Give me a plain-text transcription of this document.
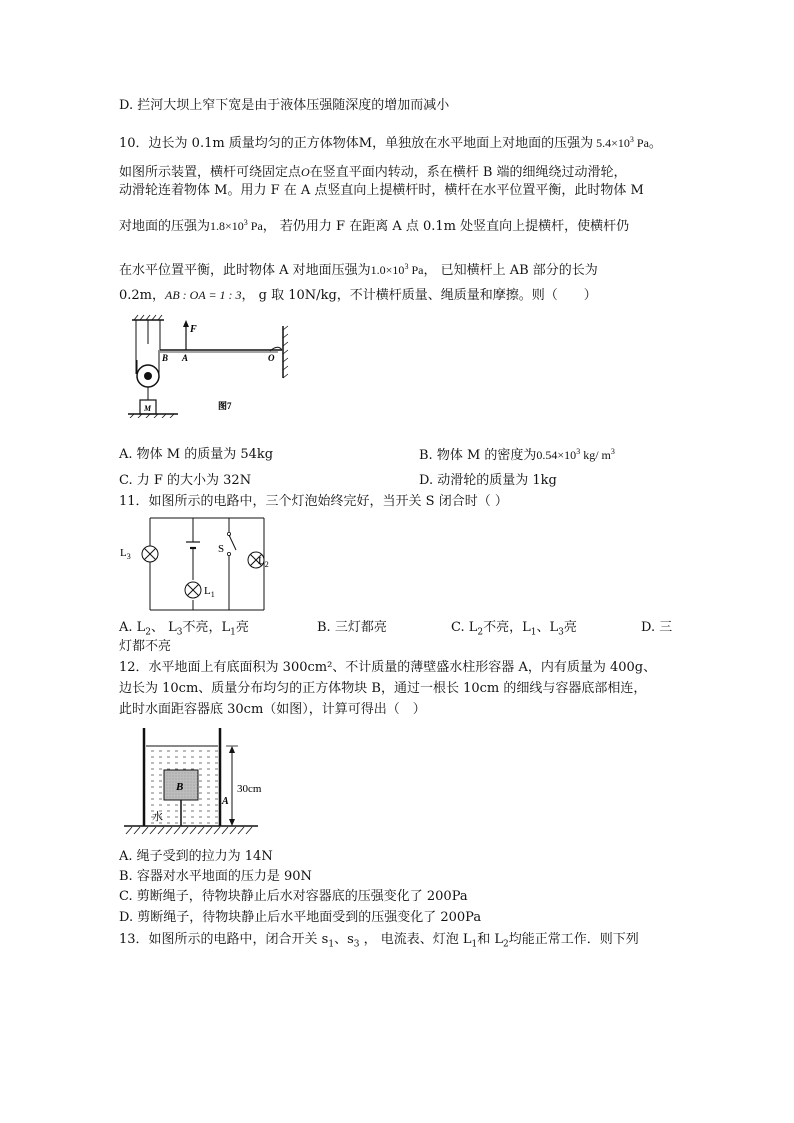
D. 拦河大坝上窄下宽是由于液体压强随深度的增加而减小
10．边长为 0.1m 质量均匀的正方体物体M，单独放在水平地面上对地面的压强为 $5.4\times 10^3$ Pa。
如图所示装置，横杆可绕固定点O在竖直平面内转动，系在横杆 B 端的细绳绕过动滑轮，
动滑轮连着物体 M。用力 F 在 A 点竖直向上提横杆时，横杆在水平位置平衡，此时物体 M
对地面的压强为$1.8\times 10^3$ Pa， 若仍用力 F 在距离 A 点 0.1m 处竖直向上提横杆，使横杆仍
在水平位置平衡，此时物体 A 对地面压强为$1.0\times 10^3$ Pa， 已知横杆上 AB 部分的长为
0.2m，AB : OA = 1 : 3， g 取 10N/kg，不计横杆质量、绳质量和摩擦。则（　　）
F
B A	O
M	图7
A. 物体 M 的质量为 54kg	B. 物体 M 的密度为$0.54\times 10^3$ kg/ $m^3$
C. 力 F 的大小为 32N	D. 动滑轮的质量为 1kg
11．如图所示的电路中，三个灯泡始终完好，当开关 S 闭合时（ ）
$L_3$
$L_1$
S
$L_2$
A. $L_2$、 $L_3$不亮，$L_1$亮	B. 三灯都亮	C. $L_2$不亮，$L_1$、$L_3$亮	D. 三
灯都不亮
12．水平地面上有底面积为 300cm²、不计质量的薄壁盛水柱形容器 A，内有质量为 400g、
边长为 10cm、质量分布均匀的正方体物块 B，通过一根长 10cm 的细线与容器底部相连，
此时水面距容器底 30cm（如图），计算可得出（　）
B
A
水
30cm
A. 绳子受到的拉力为 14N
B. 容器对水平地面的压力是 90N
C. 剪断绳子，待物块静止后水对容器底的压强变化了 200Pa
D. 剪断绳子，待物块静止后水平地面受到的压强变化了 200Pa
13．如图所示的电路中，闭合开关 $s_1$、$s_3$ ， 电流表、灯泡 $L_1$和 $L_2$均能正常工作．则下列
